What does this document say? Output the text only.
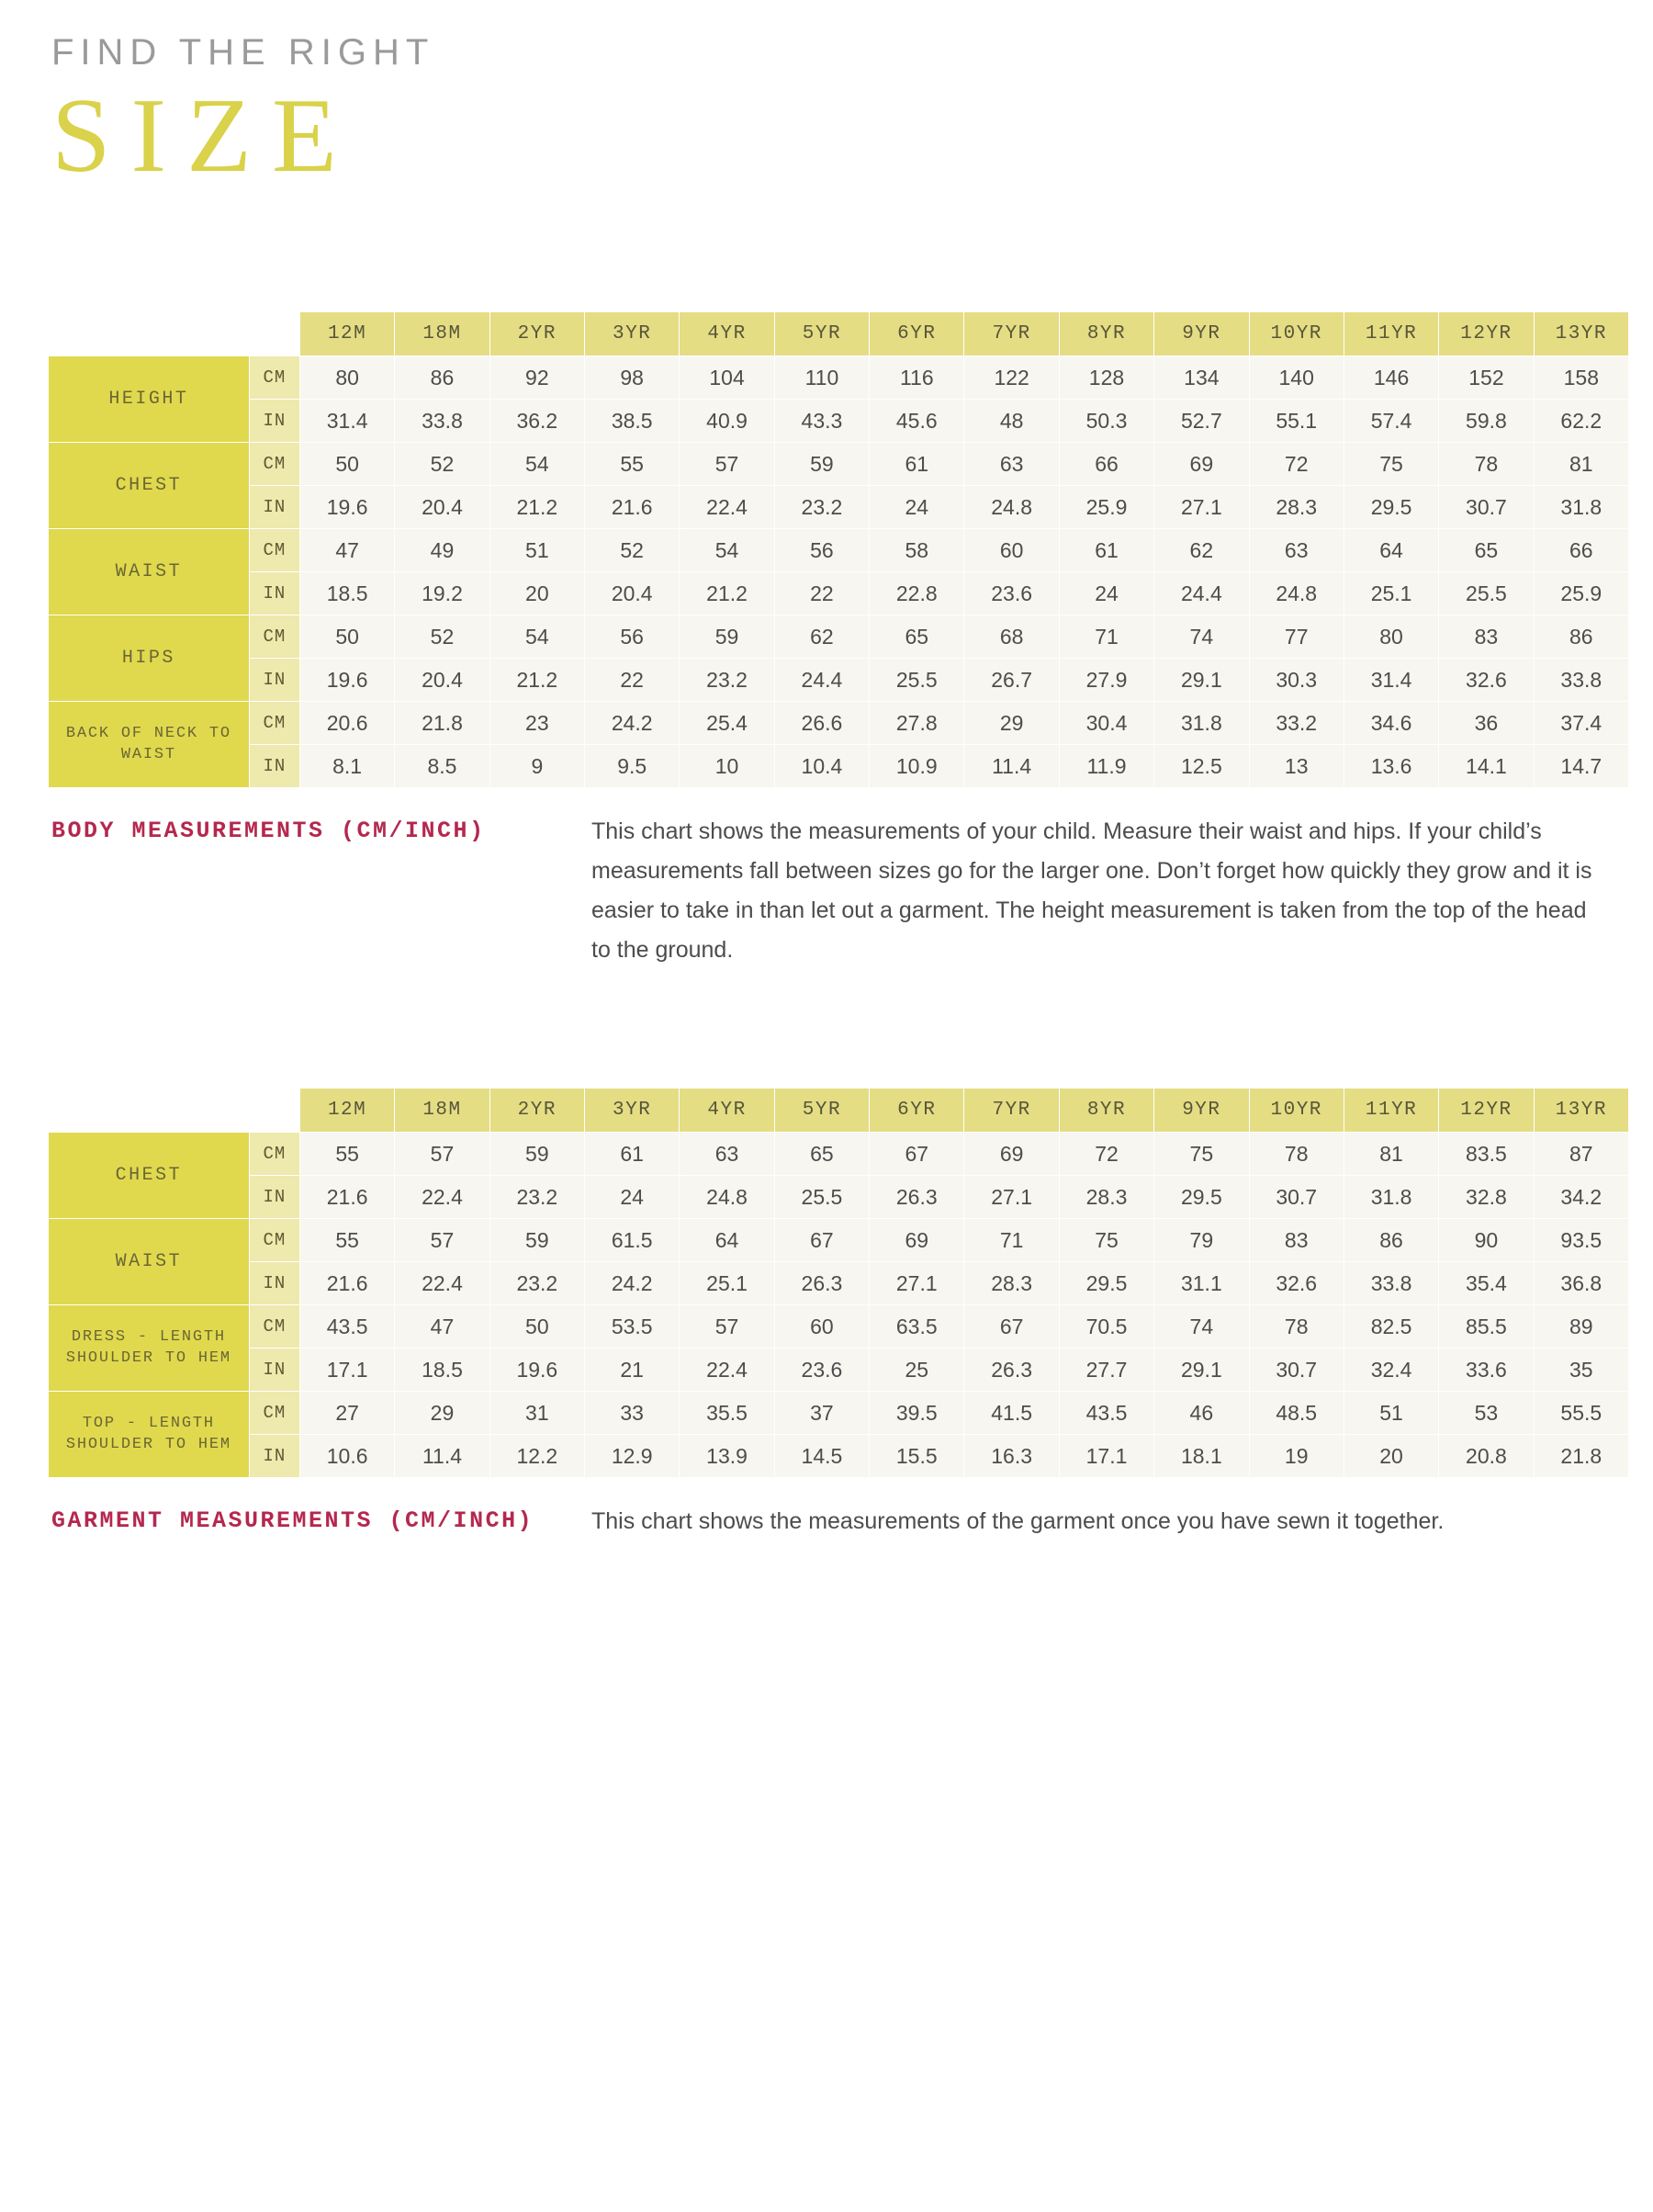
FIND THE RIGHT
SIZE
		12M	18M	2YR	3YR	4YR	5YR	6YR	7YR	8YR	9YR	10YR	11YR	12YR	13YR
HEIGHT	CM	80	86	92	98	104	110	116	122	128	134	140	146	152	158
	IN	31.4	33.8	36.2	38.5	40.9	43.3	45.6	48	50.3	52.7	55.1	57.4	59.8	62.2
CHEST	CM	50	52	54	55	57	59	61	63	66	69	72	75	78	81
	IN	19.6	20.4	21.2	21.6	22.4	23.2	24	24.8	25.9	27.1	28.3	29.5	30.7	31.8
WAIST	CM	47	49	51	52	54	56	58	60	61	62	63	64	65	66
	IN	18.5	19.2	20	20.4	21.2	22	22.8	23.6	24	24.4	24.8	25.1	25.5	25.9
HIPS	CM	50	52	54	56	59	62	65	68	71	74	77	80	83	86
	IN	19.6	20.4	21.2	22	23.2	24.4	25.5	26.7	27.9	29.1	30.3	31.4	32.6	33.8
BACK OF NECK TO WAIST	CM	20.6	21.8	23	24.2	25.4	26.6	27.8	29	30.4	31.8	33.2	34.6	36	37.4
	IN	8.1	8.5	9	9.5	10	10.4	10.9	11.4	11.9	12.5	13	13.6	14.1	14.7
BODY MEASUREMENTS (CM/INCH)	This chart shows the measurements of your child. Measure their waist and hips. If your child’s measurements fall between sizes go for the larger one. Don’t forget how quickly they grow and it is easier to take in than let out a garment. The height measurement is taken from the top of the head to the ground.
		12M	18M	2YR	3YR	4YR	5YR	6YR	7YR	8YR	9YR	10YR	11YR	12YR	13YR
CHEST	CM	55	57	59	61	63	65	67	69	72	75	78	81	83.5	87
	IN	21.6	22.4	23.2	24	24.8	25.5	26.3	27.1	28.3	29.5	30.7	31.8	32.8	34.2
WAIST	CM	55	57	59	61.5	64	67	69	71	75	79	83	86	90	93.5
	IN	21.6	22.4	23.2	24.2	25.1	26.3	27.1	28.3	29.5	31.1	32.6	33.8	35.4	36.8
DRESS - LENGTH SHOULDER TO HEM	CM	43.5	47	50	53.5	57	60	63.5	67	70.5	74	78	82.5	85.5	89
	IN	17.1	18.5	19.6	21	22.4	23.6	25	26.3	27.7	29.1	30.7	32.4	33.6	35
TOP - LENGTH SHOULDER TO HEM	CM	27	29	31	33	35.5	37	39.5	41.5	43.5	46	48.5	51	53	55.5
	IN	10.6	11.4	12.2	12.9	13.9	14.5	15.5	16.3	17.1	18.1	19	20	20.8	21.8
GARMENT MEASUREMENTS (CM/INCH)	This chart shows the measurements of the garment once you have sewn it together.
